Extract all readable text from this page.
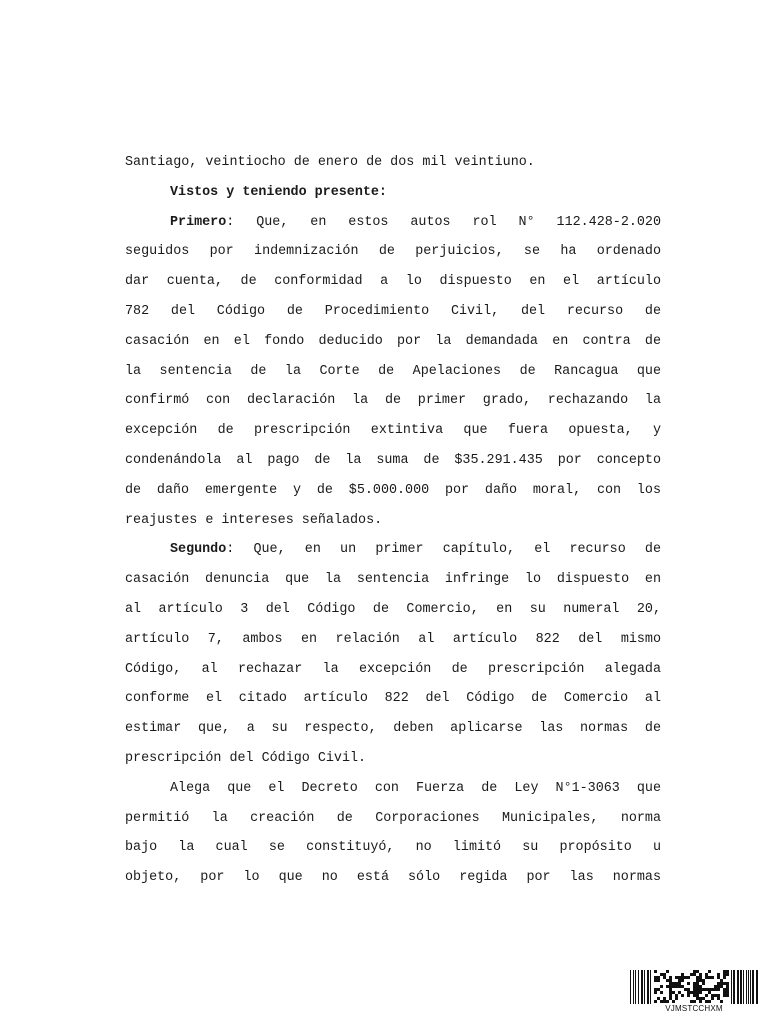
Santiago, veintiocho de enero de dos mil veintiuno.
Vistos y teniendo presente:
Primero: Que, en estos autos rol N° 112.428-2.020
seguidos por indemnización de perjuicios, se ha ordenado
dar cuenta, de conformidad a lo dispuesto en el artículo
782 del Código de Procedimiento Civil, del recurso de
casación en el fondo deducido por la demandada en contra de
la sentencia de la Corte de Apelaciones de Rancagua que
confirmó con declaración la de primer grado, rechazando la
excepción de prescripción extintiva que fuera opuesta, y
condenándola al pago de la suma de $35.291.435 por concepto
de daño emergente y de $5.000.000 por daño moral, con los
reajustes e intereses señalados.
Segundo: Que, en un primer capítulo, el recurso de
casación denuncia que la sentencia infringe lo dispuesto en
al artículo 3 del Código de Comercio, en su numeral 20,
artículo 7, ambos en relación al artículo 822 del mismo
Código, al rechazar la excepción de prescripción alegada
conforme el citado artículo 822 del Código de Comercio al
estimar que, a su respecto, deben aplicarse las normas de
prescripción del Código Civil.
Alega que el Decreto con Fuerza de Ley N°1-3063 que
permitió la creación de Corporaciones Municipales, norma
bajo la cual se constituyó, no limitó su propósito u
objeto, por lo que no está sólo regida por las normas
VJMSTCCHXM
